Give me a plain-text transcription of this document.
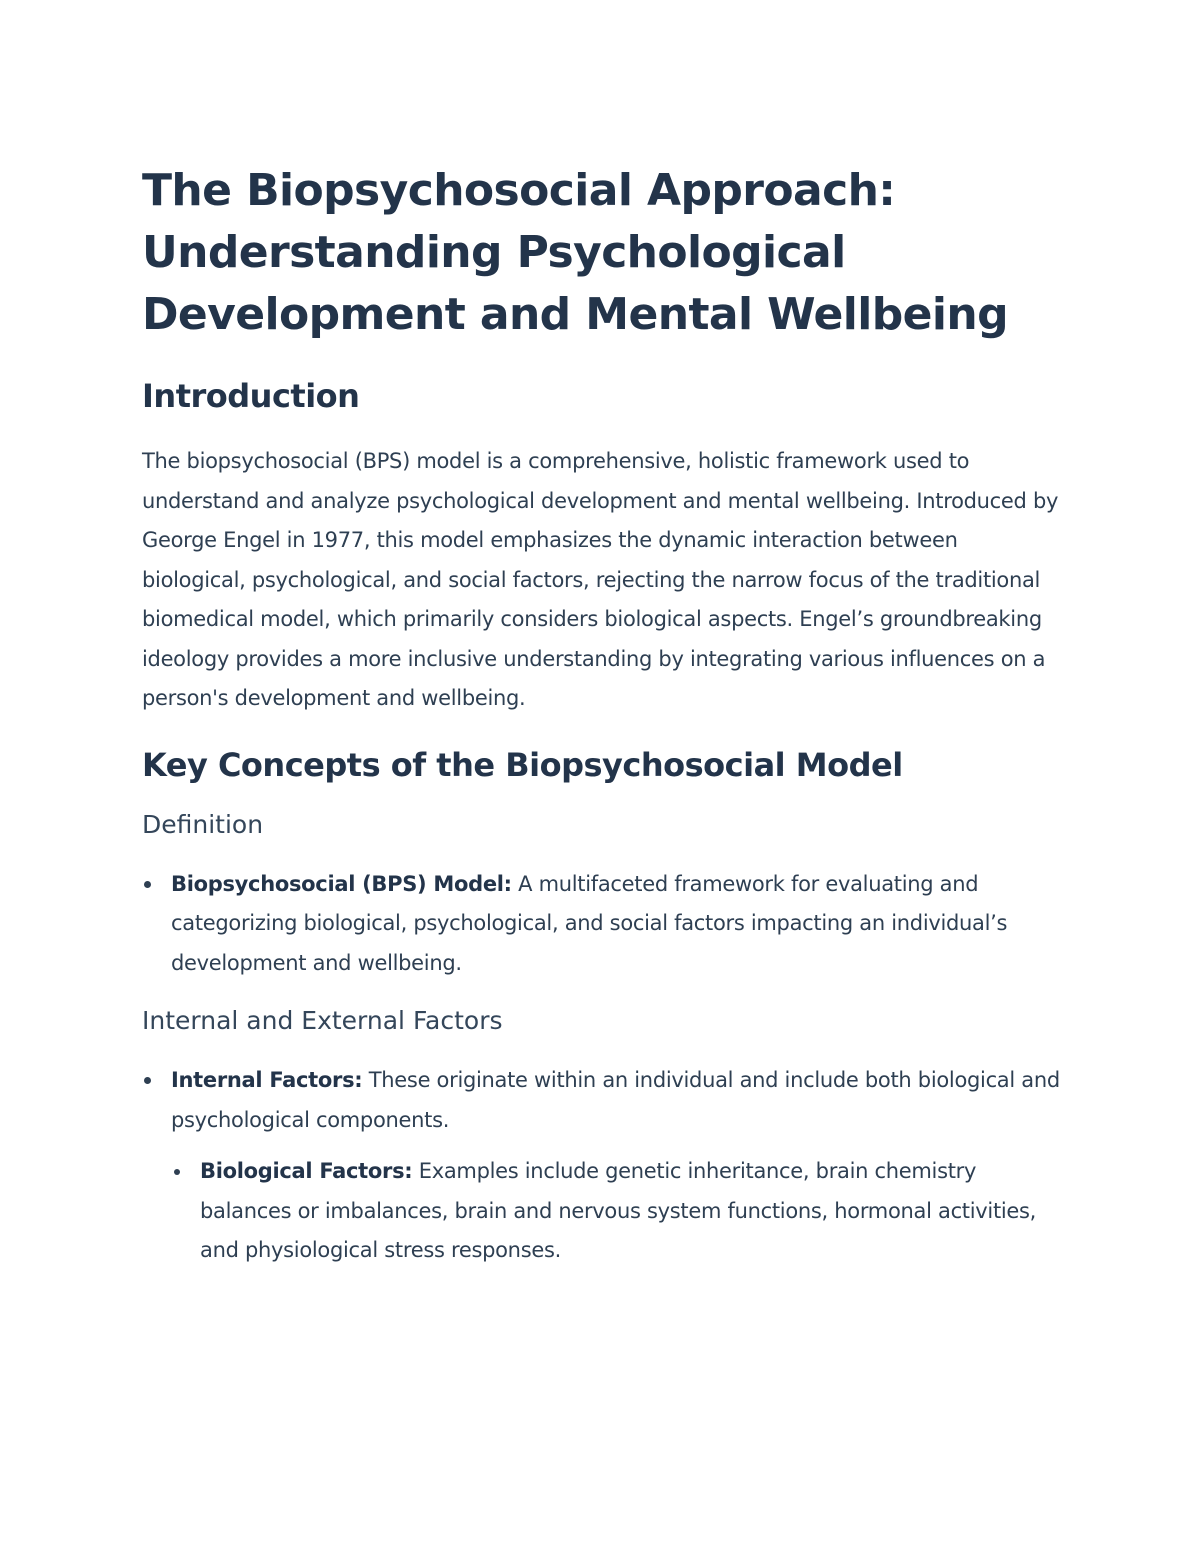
The Biopsychosocial Approach: Understanding Psychological Development and Mental Wellbeing
Introduction

The biopsychosocial (BPS) model is a comprehensive, holistic framework used to understand and analyze psychological development and mental wellbeing. Introduced by George Engel in 1977, this model emphasizes the dynamic interaction between biological, psychological, and social factors, rejecting the narrow focus of the traditional biomedical model, which primarily considers biological aspects. Engel’s groundbreaking ideology provides a more inclusive understanding by integrating various influences on a person's development and wellbeing.

Key Concepts of the Biopsychosocial Model
Definition
Biopsychosocial (BPS) Model: A multifaceted framework for evaluating and categorizing biological, psychological, and social factors impacting an individual’s development and wellbeing.
Internal and External Factors
Internal Factors: These originate within an individual and include both biological and psychological components.
Biological Factors: Examples include genetic inheritance, brain chemistry balances or imbalances, brain and nervous system functions, hormonal activities, and physiological stress responses.
